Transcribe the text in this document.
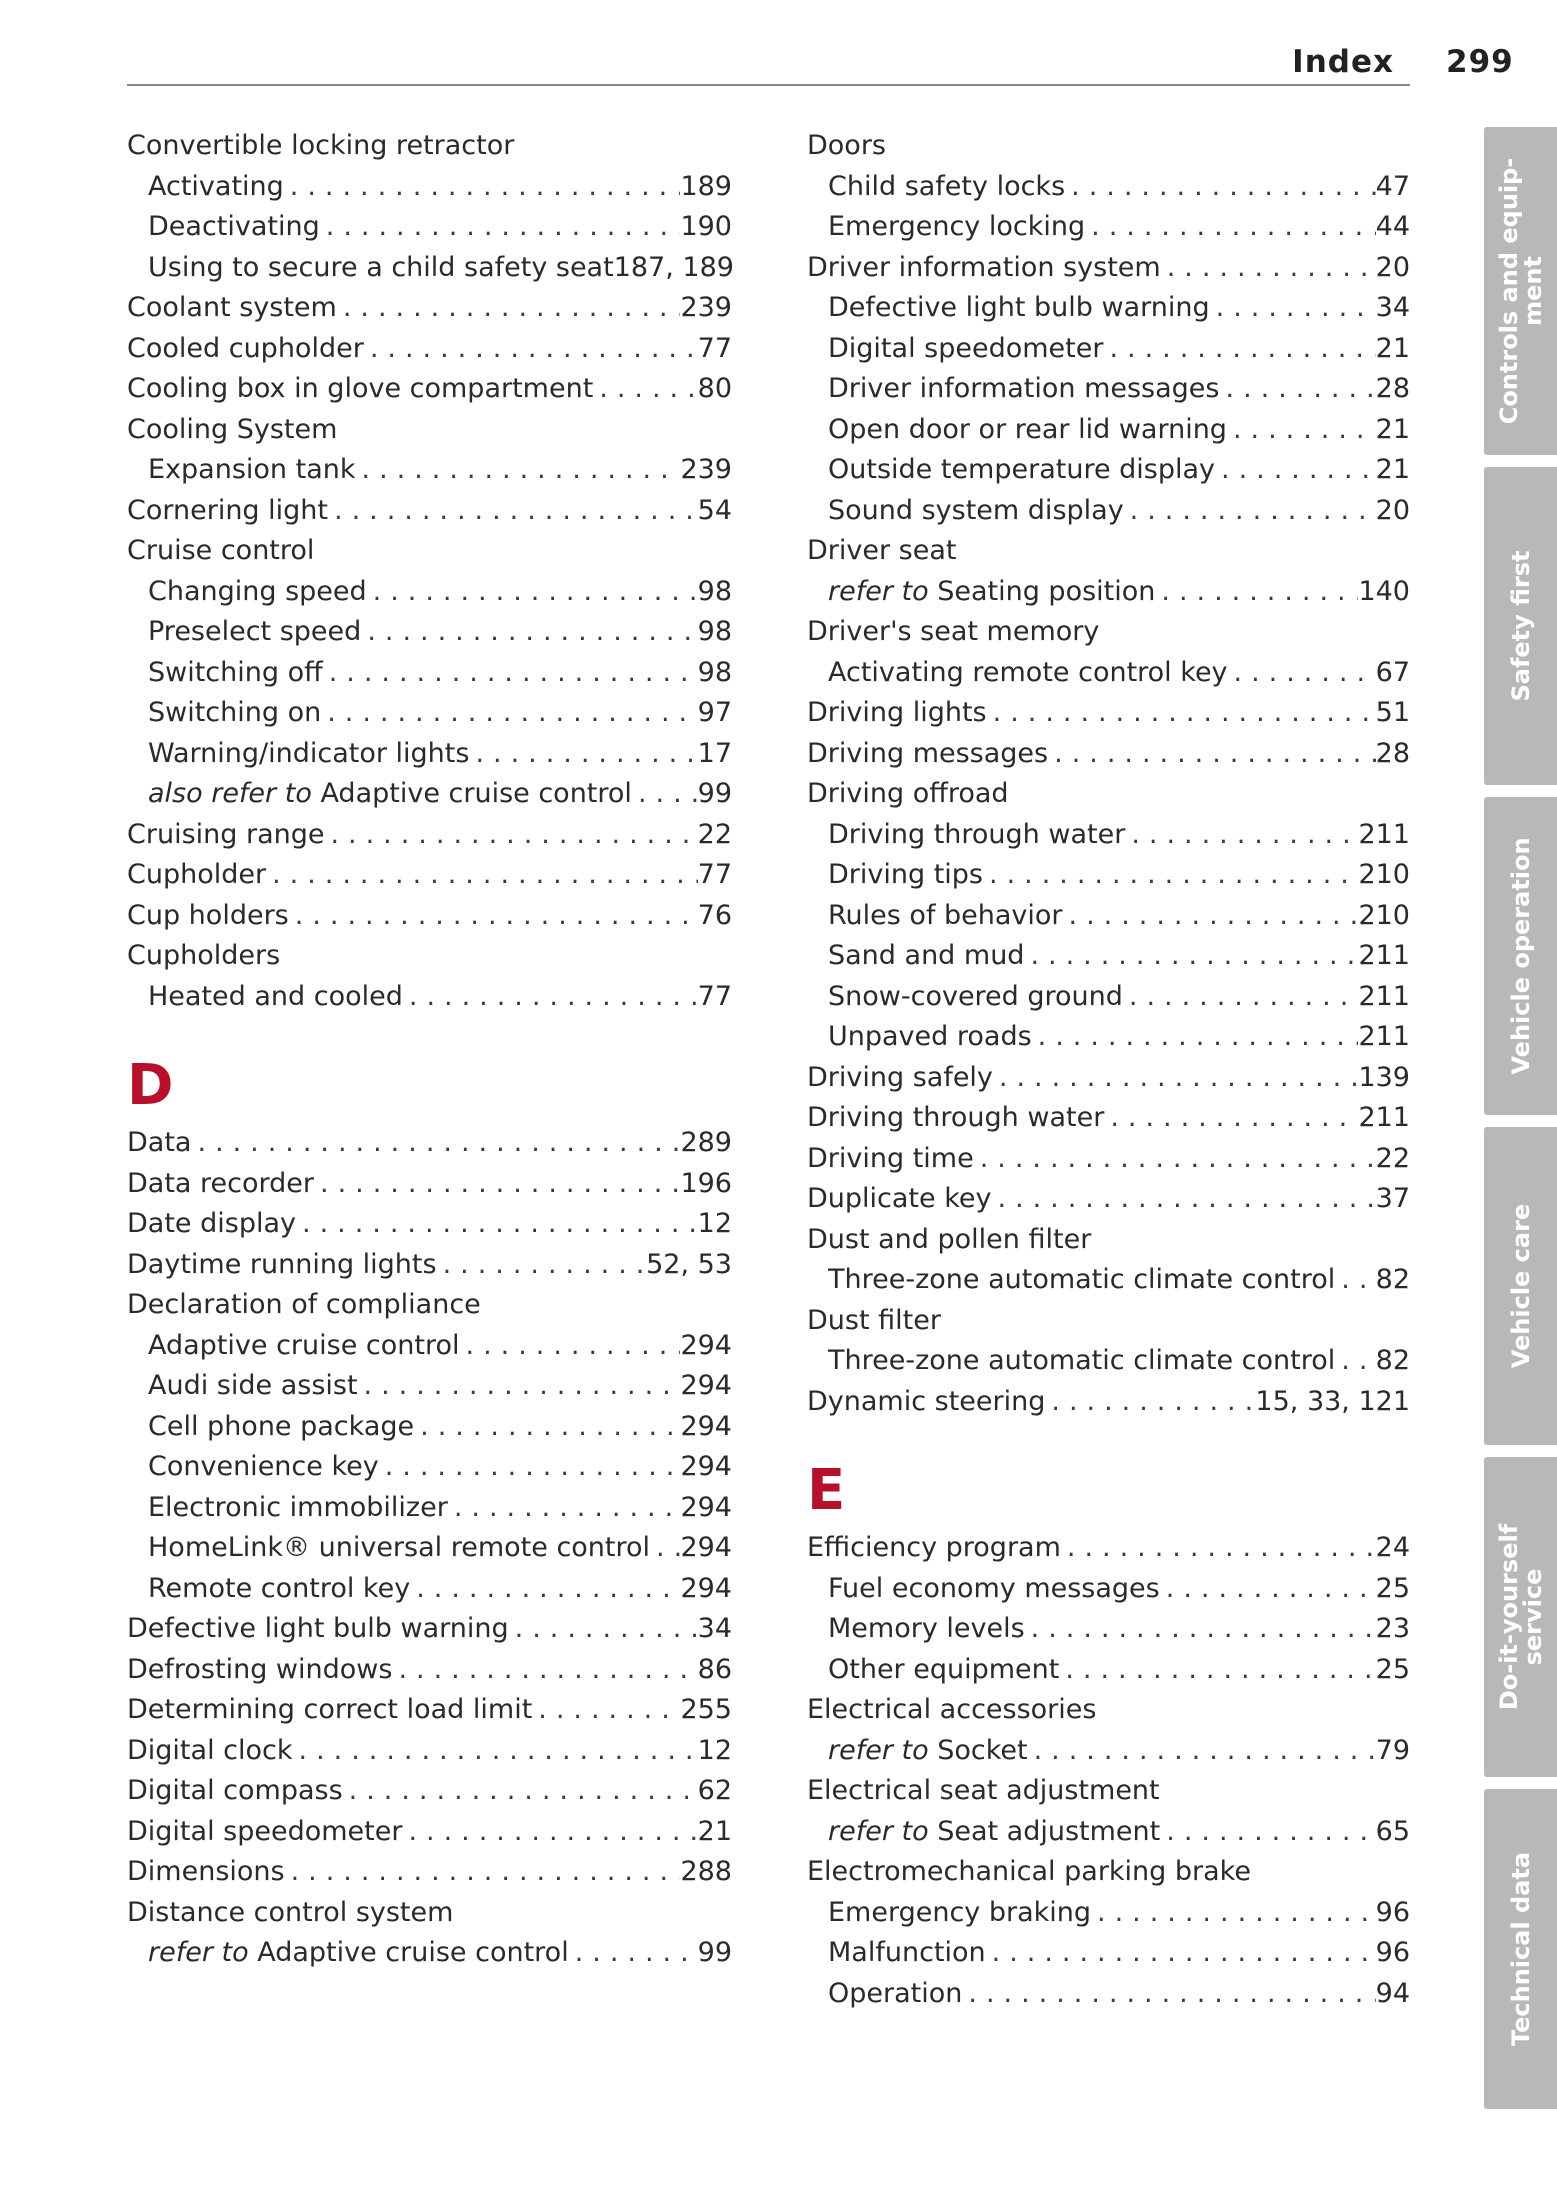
Index 299
Convertible locking retractor
Activating . . .	189
Deactivating . . .	190
Using to secure a child safety seat 187, 189
Coolant system . . .	239
Cooled cupholder . . .	77
Cooling box in glove compartment . . .	80
Cooling System
Expansion tank . . .	239
Cornering light . . .	54
Cruise control
Changing speed . . .	98
Preselect speed . . .	98
Switching off . . .	98
Switching on . . .	97
Warning/indicator lights . . .	17
also refer to Adaptive cruise control . . . 99
Cruising range . . .	22
Cupholder . . .	77
Cup holders . . .	76
Cupholders
Heated and cooled . . .	77
D
Data . . .	289
Data recorder . . .	196
Date display . . .	12
Daytime running lights . . .	52, 53
Declaration of compliance
Adaptive cruise control . . .	294
Audi side assist . . .	294
Cell phone package . . .	294
Convenience key . . .	294
Electronic immobilizer . . .	294
HomeLink® universal remote control . . . 294
Remote control key . . .	294
Defective light bulb warning . . .	34
Defrosting windows . . .	86
Determining correct load limit . . .	255
Digital clock . . .	12
Digital compass . . .	62
Digital speedometer . . .	21
Dimensions . . .	288
Distance control system
refer to Adaptive cruise control . . .	99
Doors
Child safety locks . . .	47
Emergency locking . . .	44
Driver information system . . .	20
Defective light bulb warning . . .	34
Digital speedometer . . .	21
Driver information messages . . .	28
Open door or rear lid warning . . .	21
Outside temperature display . . .	21
Sound system display . . .	20
Driver seat
refer to Seating position . . .	140
Driver's seat memory
Activating remote control key . . .	67
Driving lights . . .	51
Driving messages . . .	28
Driving offroad
Driving through water . . .	211
Driving tips . . .	210
Rules of behavior . . .	210
Sand and mud . . .	211
Snow-covered ground . . .	211
Unpaved roads . . .	211
Driving safely . . .	139
Driving through water . . .	211
Driving time . . .	22
Duplicate key . . .	37
Dust and pollen filter
Three-zone automatic climate control . . . 82
Dust filter
Three-zone automatic climate control . . . 82
Dynamic steering . . .	15, 33, 121
E
Efficiency program . . .	24
Fuel economy messages . . .	25
Memory levels . . .	23
Other equipment . . .	25
Electrical accessories
refer to Socket . . .	79
Electrical seat adjustment
refer to Seat adjustment . . .	65
Electromechanical parking brake
Emergency braking . . .	96
Malfunction . . .	96
Operation . . .	94
Controls and equip-ment
Safety first
Vehicle operation
Vehicle care
Do-it-yourself service
Technical data
